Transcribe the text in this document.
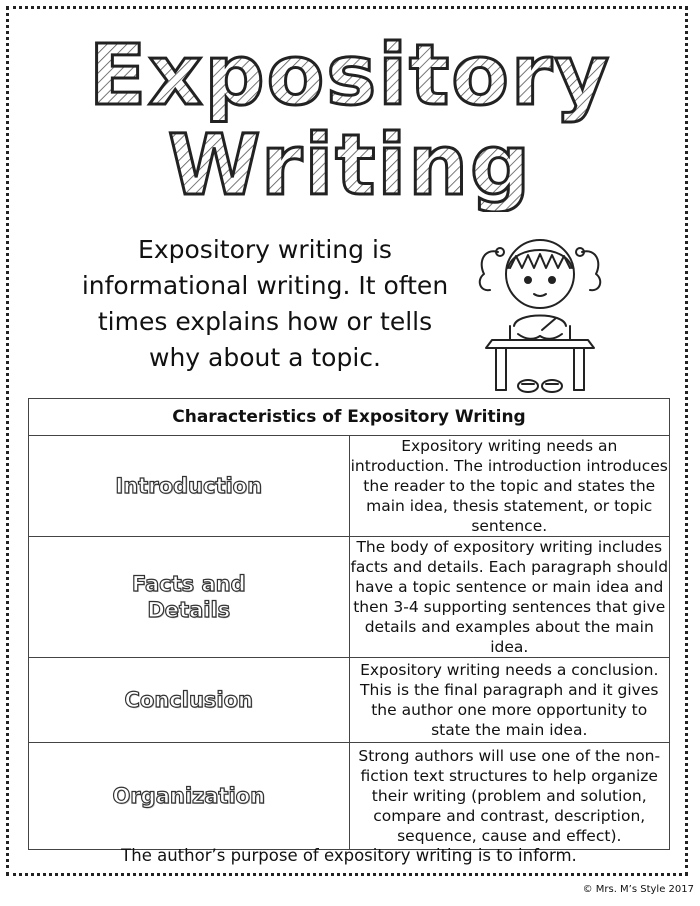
Expository
Writing
Expository writing is informational writing. It often times explains how or tells why about a topic.
Characteristics of Expository Writing	
Introduction	Expository writing needs an introduction. The introduction introduces the reader to the topic and states the main idea, thesis statement, or topic sentence.
Facts and Details	The body of expository writing includes facts and details. Each paragraph should have a topic sentence or main idea and then 3-4 supporting sentences that give details and examples about the main idea.
Conclusion	Expository writing needs a conclusion. This is the final paragraph and it gives the author one more opportunity to state the main idea.
Organization	Strong authors will use one of the non-fiction text structures to help organize their writing (problem and solution, compare and contrast, description, sequence, cause and effect).
The author’s purpose of expository writing is to inform.
© Mrs. M’s Style 2017
